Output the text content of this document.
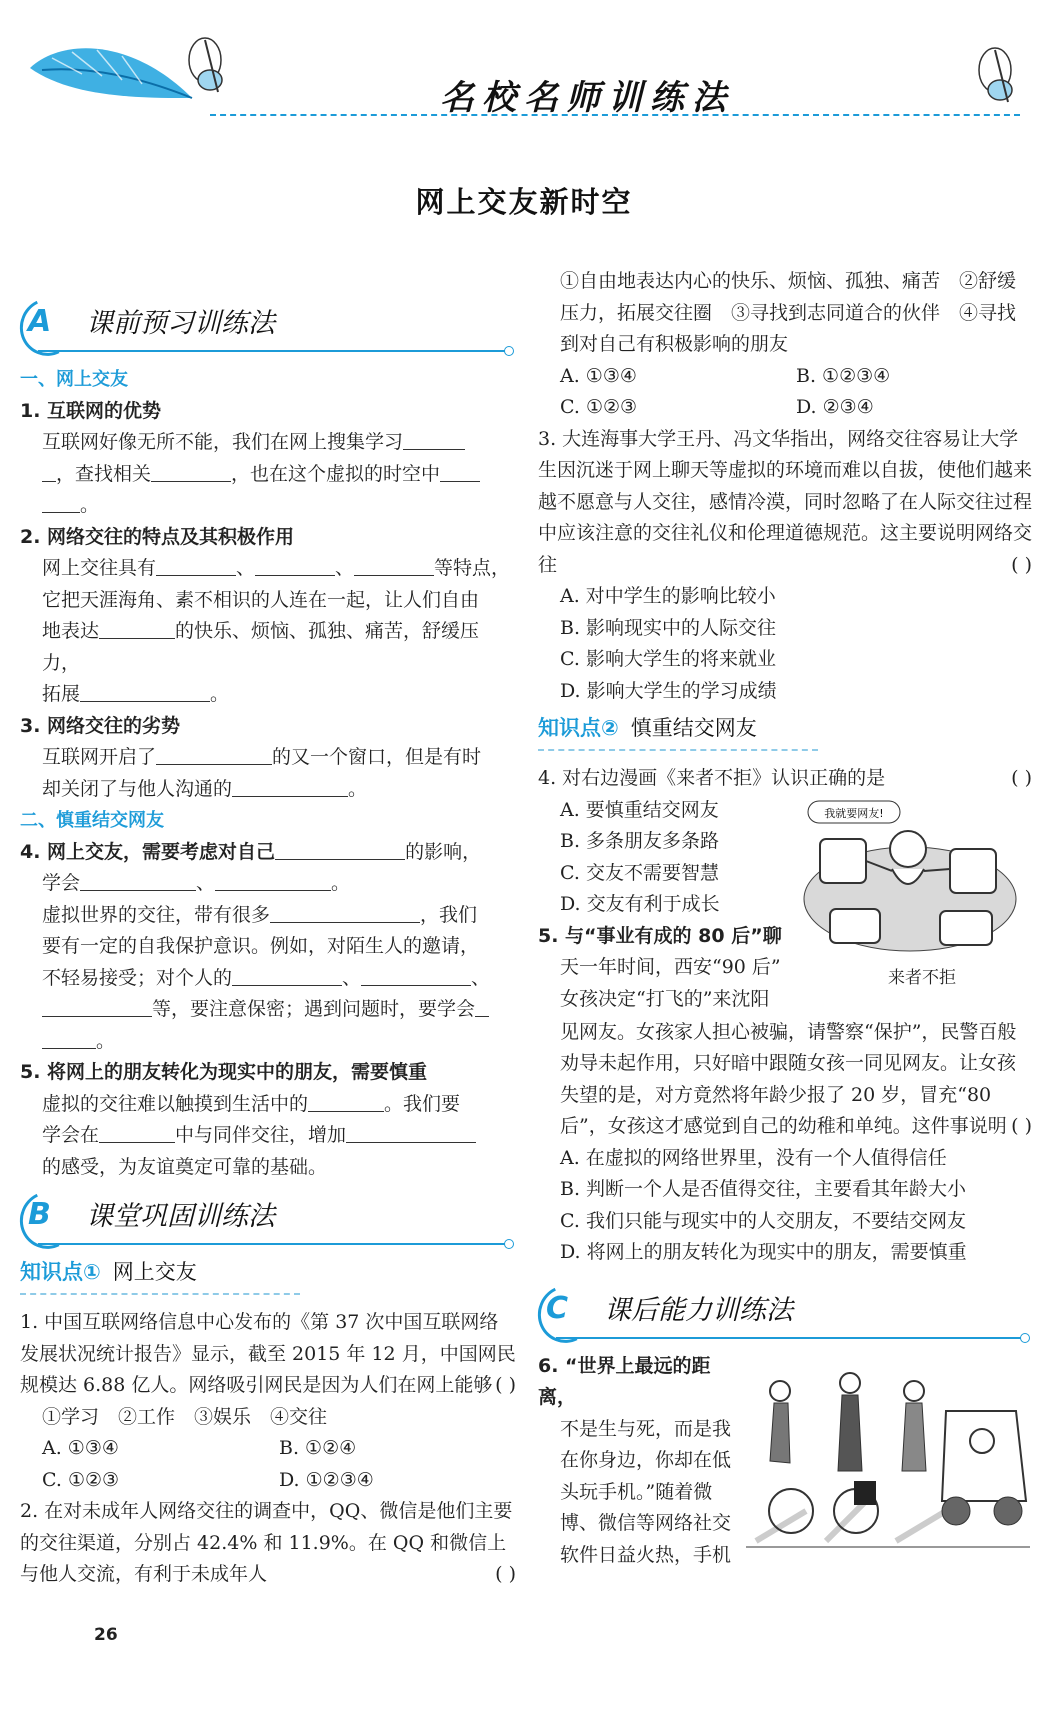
名校名师训练法
网上交友新时空
A	课前预习训练法

一、网上交友

1. 互联网的优势

互联网好像无所不能，我们在网上搜集学习

，查找相关	，也在这个虚拟的时空中

。

2. 网络交往的特点及其积极作用

网上交往具有	、	、	等特点，

它把天涯海角、素不相识的人连在一起，让人们自由

地表达	的快乐、烦恼、孤独、痛苦，舒缓压力，

拓展	。

3. 网络交往的劣势

互联网开启了	的又一个窗口，但是有时

却关闭了与他人沟通的	。

二、慎重结交网友

4. 网上交友，需要考虑对自己	的影响，

学会	、	。

虚拟世界的交往，带有很多	，我们

要有一定的自我保护意识。例如，对陌生人的邀请，

不轻易接受；对个人的	、	、

等，要注意保密；遇到问题时，要学会

。

5. 将网上的朋友转化为现实中的朋友，需要慎重

虚拟的交往难以触摸到生活中的	。我们要

学会在	中与同伴交往，增加

的感受，为友谊奠定可靠的基础。

B	课堂巩固训练法
知识点① 网上交友

1. 中国互联网络信息中心发布的《第 37 次中国互联网络发展状况统计报告》显示，截至 2015 年 12 月，中国网民规模达 6.88 亿人。网络吸引网民是因为人们在网上能够 ( )

①学习　②工作　③娱乐　④交往

A. ①③④	B. ①②④
C. ①②③	D. ①②③④

2. 在对未成年人网络交往的调查中，QQ、微信是他们主要的交往渠道，分别占 42.4% 和 11.9%。在 QQ 和微信上与他人交流，有利于未成年人	( )

①自由地表达内心的快乐、烦恼、孤独、痛苦　②舒缓压力，拓展交往圈　③寻找到志同道合的伙伴　④寻找到对自己有积极影响的朋友

A. ①③④	B. ①②③④
C. ①②③	D. ②③④

3. 大连海事大学王丹、冯文华指出，网络交往容易让大学生因沉迷于网上聊天等虚拟的环境而难以自拔，使他们越来越不愿意与人交往，感情冷漠，同时忽略了在人际交往过程中应该注意的交往礼仪和伦理道德规范。这主要说明网络交往	( )

A. 对中学生的影响比较小

B. 影响现实中的人际交往

C. 影响大学生的将来就业

D. 影响大学生的学习成绩

知识点② 慎重结交网友

4. 对右边漫画《来者不拒》认识正确的是	( )

A. 要慎重结交网友

B. 多条朋友多条路

C. 交友不需要智慧

D. 交友有利于成长

5. 与“事业有成的 80 后”聊

天一年时间，西安“90 后”

女孩决定“打飞的”来沈阳

我就要网友!
来者不拒

见网友。女孩家人担心被骗，请警察“保护”，民警百般劝导未起作用，只好暗中跟随女孩一同见网友。让女孩失望的是，对方竟然将年龄少报了 20 岁，冒充“80 后”，女孩这才感觉到自己的幼稚和单纯。这件事说明 ( )

A. 在虚拟的网络世界里，没有一个人值得信任

B. 判断一个人是否值得交往，主要看其年龄大小

C. 我们只能与现实中的人交朋友，不要结交网友

D. 将网上的朋友转化为现实中的朋友，需要慎重

C	课后能力训练法

6. “世界上最远的距离，

不是生与死，而是我

在你身边，你却在低

头玩手机。”随着微

博、微信等网络社交

软件日益火热，手机

26
